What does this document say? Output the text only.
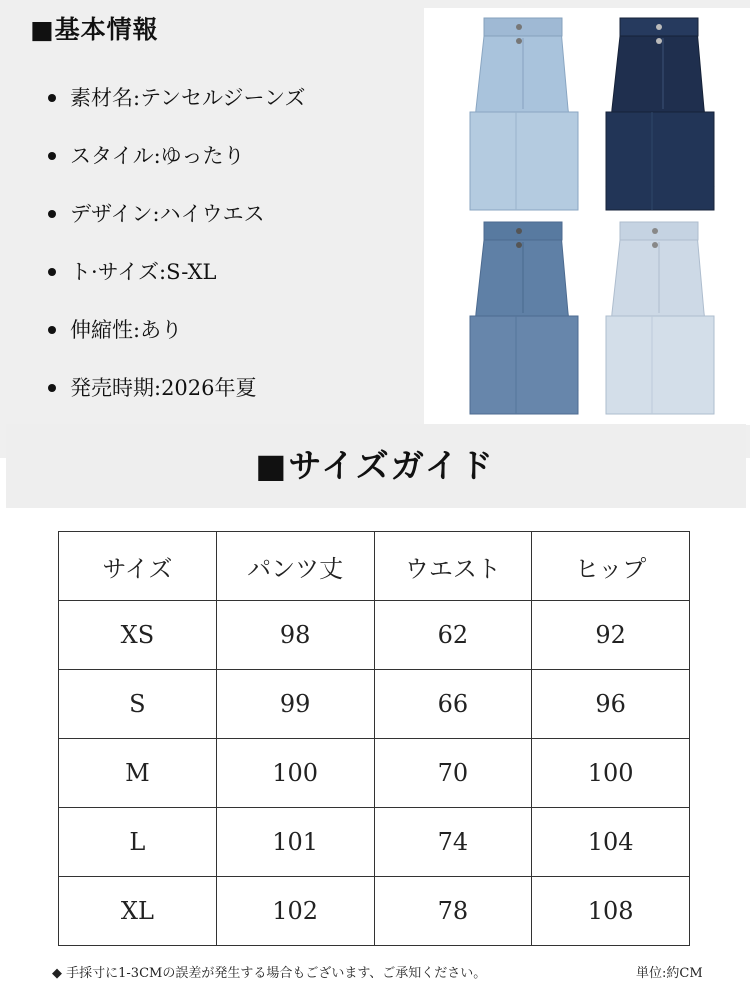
■基本情報
素材名:テンセルジーンズ
スタイル:ゆったり
デザイン:ハイウエス
ト·サイズ:S-XL
伸縮性:あり
発売時期:2026年夏
■サイズガイド
サイズ	パンツ丈	ウエスト	ヒップ
XS	98	62	92
S	99	66	96
M	100	70	100
L	101	74	104
XL	102	78	108
◆ 手採寸に1-3CMの誤差が発生する場合もございます、ご承知ください。	単位:約CM
